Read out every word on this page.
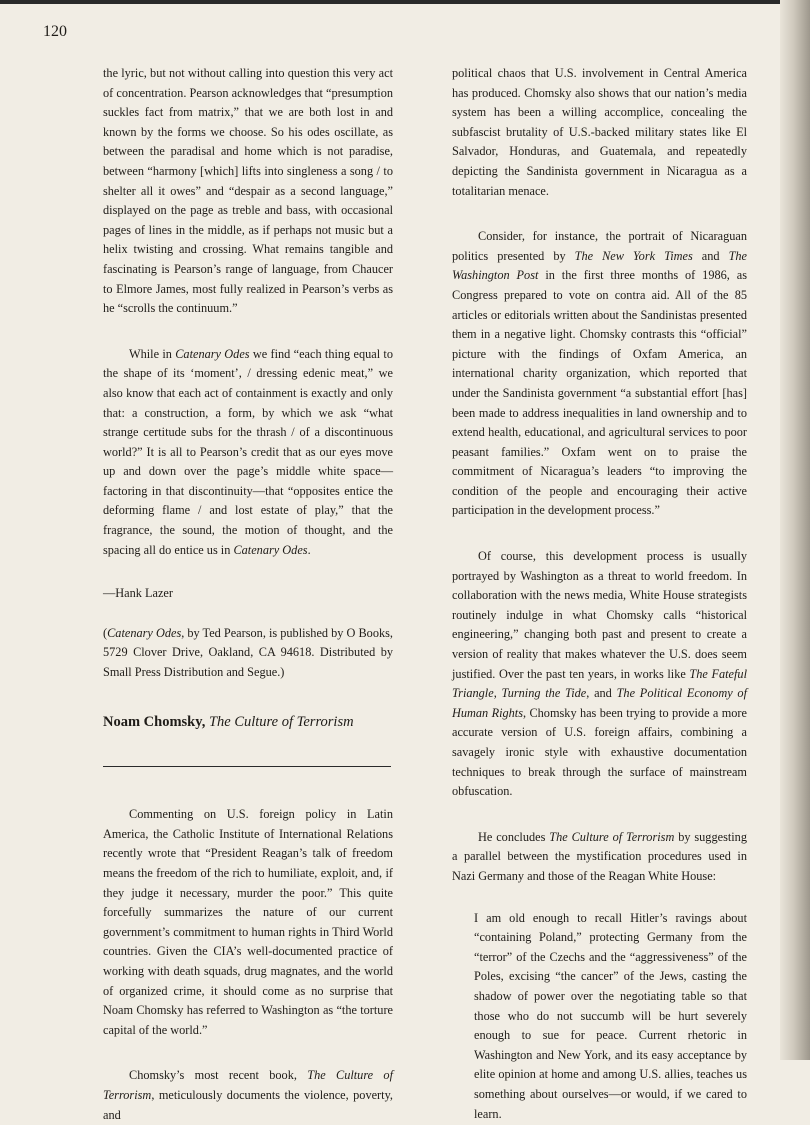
120

the lyric, but not without calling into question this very act of concentration. Pearson acknowledges that “presumption suckles fact from matrix,” that we are both lost in and known by the forms we choose. So his odes oscillate, as between the paradisal and home which is not paradise, between “harmony [which] lifts into singleness a song / to shelter all it owes” and “despair as a second language,” displayed on the page as treble and bass, with occasional pages of lines in the middle, as if perhaps not music but a helix twisting and crossing. What remains tangible and fascinating is Pearson’s range of language, from Chaucer to Elmore James, most fully realized in Pearson’s verbs as he “scrolls the continuum.”

While in Catenary Odes we find “each thing equal to the shape of its ‘moment’, / dressing edenic meat,” we also know that each act of containment is exactly and only that: a construction, a form, by which we ask “what strange certitude subs for the thrash / of a discontinuous world?” It is all to Pearson’s credit that as our eyes move up and down over the page’s middle white space—factoring in that discontinuity—that “opposites entice the deforming flame / and lost estate of play,” that the fragrance, the sound, the motion of thought, and the spacing all do entice us in Catenary Odes.

—Hank Lazer

(Catenary Odes, by Ted Pearson, is published by O Books, 5729 Clover Drive, Oakland, CA 94618. Distributed by Small Press Distribution and Segue.)

Noam Chomsky, The Culture of Terrorism

Commenting on U.S. foreign policy in Latin America, the Catholic Institute of International Relations recently wrote that “President Reagan’s talk of freedom means the freedom of the rich to humiliate, exploit, and, if they judge it necessary, murder the poor.” This quite forcefully summarizes the nature of our current government’s commitment to human rights in Third World countries. Given the CIA’s well-documented practice of working with death squads, drug magnates, and the world of organized crime, it should come as no surprise that Noam Chomsky has referred to Washington as “the torture capital of the world.”

Chomsky’s most recent book, The Culture of Terrorism, meticulously documents the violence, poverty, and

political chaos that U.S. involvement in Central America has produced. Chomsky also shows that our nation’s media system has been a willing accomplice, concealing the subfascist brutality of U.S.-backed military states like El Salvador, Honduras, and Guatemala, and repeatedly depicting the Sandinista government in Nicaragua as a totalitarian menace.

Consider, for instance, the portrait of Nicaraguan politics presented by The New York Times and The Washington Post in the first three months of 1986, as Congress prepared to vote on contra aid. All of the 85 articles or editorials written about the Sandinistas presented them in a negative light. Chomsky contrasts this “official” picture with the findings of Oxfam America, an international charity organization, which reported that under the Sandinista government “a substantial effort [has] been made to address inequalities in land ownership and to extend health, educational, and agricultural services to poor peasant families.” Oxfam went on to praise the commitment of Nicaragua’s leaders “to improving the condition of the people and encouraging their active participation in the development process.”

Of course, this development process is usually portrayed by Washington as a threat to world freedom. In collaboration with the news media, White House strategists routinely indulge in what Chomsky calls “historical engineering,” changing both past and present to create a version of reality that makes whatever the U.S. does seem justified. Over the past ten years, in works like The Fateful Triangle, Turning the Tide, and The Political Economy of Human Rights, Chomsky has been trying to provide a more accurate version of U.S. foreign affairs, combining a savagely ironic style with exhaustive documentation techniques to break through the surface of mainstream obfuscation.

He concludes The Culture of Terrorism by suggesting a parallel between the mystification procedures used in Nazi Germany and those of the Reagan White House:

I am old enough to recall Hitler’s ravings about “containing Poland,” protecting Germany from the “terror” of the Czechs and the “aggressiveness” of the Poles, excising “the cancer” of the Jews, casting the shadow of power over the negotiating table so that those who do not succumb will be hurt severely enough to sue for peace. Current rhetoric in Washington and New York, and its easy acceptance by elite opinion at home and among U.S. allies, teaches us something about ourselves—or would, if we cared to learn.
